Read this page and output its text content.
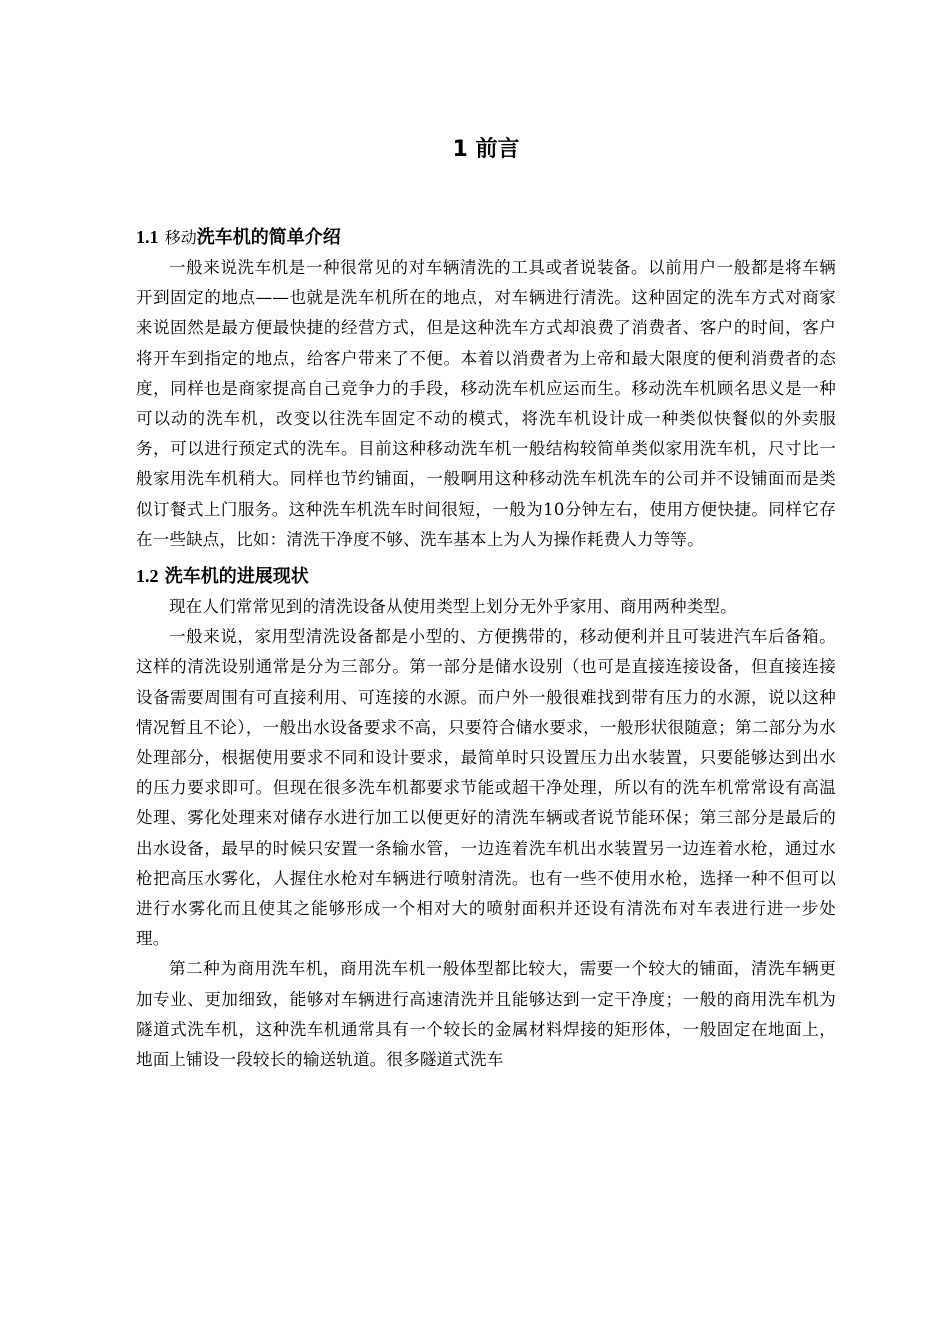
1 前言
1.1 移动洗车机的简单介绍

一般来说洗车机是一种很常见的对车辆清洗的工具或者说装备。以前用户一般都是将车辆开到固定的地点——也就是洗车机所在的地点，对车辆进行清洗。这种固定的洗车方式对商家来说固然是最方便最快捷的经营方式，但是这种洗车方式却浪费了消费者、客户的时间，客户将开车到指定的地点，给客户带来了不便。本着以消费者为上帝和最大限度的便利消费者的态度，同样也是商家提高自己竞争力的手段，移动洗车机应运而生。移动洗车机顾名思义是一种可以动的洗车机，改变以往洗车固定不动的模式，将洗车机设计成一种类似快餐似的外卖服务，可以进行预定式的洗车。目前这种移动洗车机一般结构较简单类似家用洗车机，尺寸比一般家用洗车机稍大。同样也节约铺面，一般啊用这种移动洗车机洗车的公司并不设铺面而是类似订餐式上门服务。这种洗车机洗车时间很短，一般为10分钟左右，使用方便快捷。同样它存在一些缺点，比如：清洗干净度不够、洗车基本上为人为操作耗费人力等等。

1.2 洗车机的进展现状

现在人们常常见到的清洗设备从使用类型上划分无外乎家用、商用两种类型。

一般来说，家用型清洗设备都是小型的、方便携带的，移动便利并且可装进汽车后备箱。这样的清洗设别通常是分为三部分。第一部分是储水设别（也可是直接连接设备，但直接连接设备需要周围有可直接利用、可连接的水源。而户外一般很难找到带有压力的水源，说以这种情况暂且不论），一般出水设备要求不高，只要符合储水要求，一般形状很随意；第二部分为水处理部分，根据使用要求不同和设计要求，最简单时只设置压力出水装置，只要能够达到出水的压力要求即可。但现在很多洗车机都要求节能或超干净处理，所以有的洗车机常常设有高温处理、雾化处理来对储存水进行加工以便更好的清洗车辆或者说节能环保；第三部分是最后的出水设备，最早的时候只安置一条输水管，一边连着洗车机出水装置另一边连着水枪，通过水枪把高压水雾化，人握住水枪对车辆进行喷射清洗。也有一些不使用水枪，选择一种不但可以进行水雾化而且使其之能够形成一个相对大的喷射面积并还设有清洗布对车表进行进一步处理。

第二种为商用洗车机，商用洗车机一般体型都比较大，需要一个较大的铺面，清洗车辆更加专业、更加细致，能够对车辆进行高速清洗并且能够达到一定干净度；一般的商用洗车机为隧道式洗车机，这种洗车机通常具有一个较长的金属材料焊接的矩形体，一般固定在地面上，地面上铺设一段较长的输送轨道。很多隧道式洗车
